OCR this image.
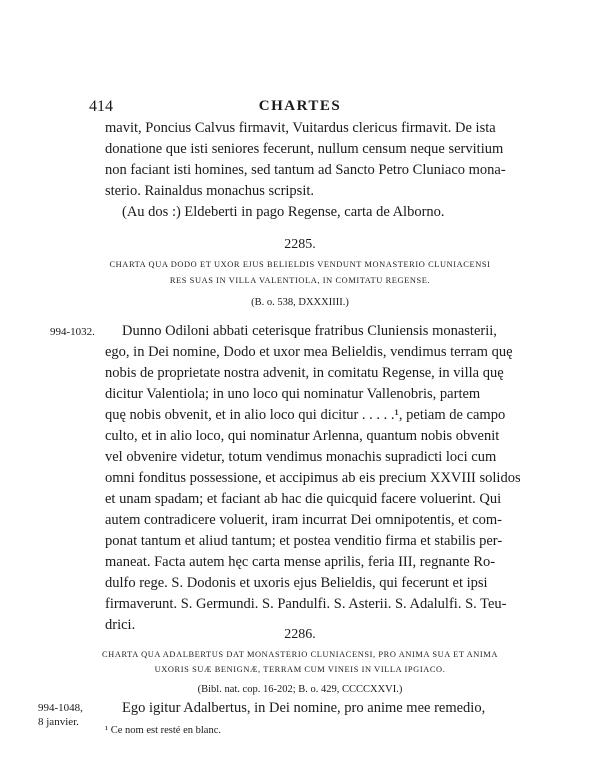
414	CHARTES
mavit, Poncius Calvus firmavit, Vuitardus clericus firmavit. De ista
donatione que isti seniores fecerunt, nullum censum neque servitium
non faciant isti homines, sed tantum ad Sancto Petro Cluniaco mona-
sterio. Rainaldus monachus scripsit.
(Au dos :) Eldeberti in pago Regense, carta de Alborno.
2285.
CHARTA QUA DODO ET UXOR EJUS BELIELDIS VENDUNT MONASTERIO CLUNIACENSI
RES SUAS IN VILLA VALENTIOLA, IN COMITATU REGENSE.
(B. o. 538, DXXXIIII.)
994-1032. Dunno Odiloni abbati ceterisque fratribus Cluniensis monasterii,
ego, in Dei nomine, Dodo et uxor mea Belieldis, vendimus terram quę
nobis de proprietate nostra advenit, in comitatu Regense, in villa quę
dicitur Valentiola; in uno loco qui nominatur Vallenobris, partem
quę nobis obvenit, et in alio loco qui dicitur . . . . .¹, petiam de campo
culto, et in alio loco, qui nominatur Arlenna, quantum nobis obvenit
vel obvenire videtur, totum vendimus monachis supradicti loci cum
omni fonditus possessione, et accipimus ab eis precium XXVIII solidos
et unam spadam; et faciant ab hac die quicquid facere voluerint. Qui
autem contradicere voluerit, iram incurrat Dei omnipotentis, et com-
ponat tantum et aliud tantum; et postea venditio firma et stabilis per-
maneat. Facta autem hęc carta mense aprilis, feria III, regnante Ro-
dulfo rege. S. Dodonis et uxoris ejus Belieldis, qui fecerunt et ipsi
firmaverunt. S. Germundi. S. Pandulfi. S. Asterii. S. Adalulfi. S. Teu-
drici.
2286.
CHARTA QUA ADALBERTUS DAT MONASTERIO CLUNIACENSI, PRO ANIMA SUA ET ANIMA
UXORIS SUÆ BENIGNÆ, TERRAM CUM VINEIS IN VILLA IPGIACO.
(Bibl. nat. cop. 16-202; B. o. 429, CCCCXXVI.)
994-1048,
8 janvier.
Ego igitur Adalbertus, in Dei nomine, pro anime mee remedio,
¹ Ce nom est resté en blanc.
